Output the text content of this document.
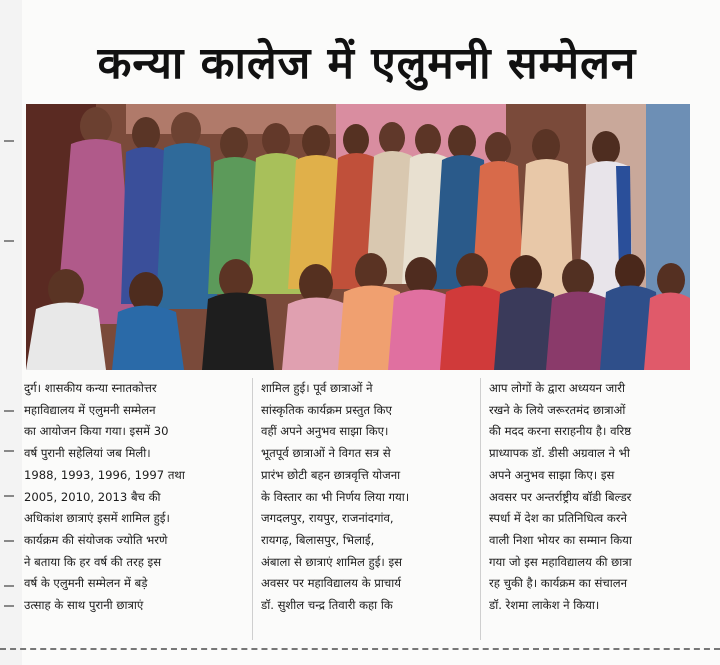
कन्या कालेज में एलुमनी सम्मेलन
दुर्ग। शासकीय कन्या स्नातकोत्तर
महाविद्यालय में एलुमनी सम्मेलन
का आयोजन किया गया। इसमें 30
वर्ष पुरानी सहेलियां जब मिली।
1988, 1993, 1996, 1997 तथा
2005, 2010, 2013 बैच की
अधिकांश छात्राएं इसमें शामिल हुई।
कार्यक्रम की संयोजक ज्योति भरणे
ने बताया कि हर वर्ष की तरह इस
वर्ष के एलुमनी सम्मेलन में बड़े
उत्साह के साथ पुरानी छात्राएं
शामिल हुई। पूर्व छात्राओं ने
सांस्कृतिक कार्यक्रम प्रस्तुत किए
वहीं अपने अनुभव साझा किए।
भूतपूर्व छात्राओं ने विगत सत्र से
प्रारंभ छोटी बहन छात्रवृत्ति योजना
के विस्तार का भी निर्णय लिया गया।
जगदलपुर, रायपुर, राजनांदगांव,
रायगढ़, बिलासपुर, भिलाई,
अंबाला से छात्राएं शामिल हुई। इस
अवसर पर महाविद्यालय के प्राचार्य
डॉ. सुशील चन्द्र तिवारी कहा कि
आप लोगों के द्वारा अध्ययन जारी
रखने के लिये जरूरतमंद छात्राओं
की मदद करना सराहनीय है। वरिष्ठ
प्राध्यापक डॉ. डीसी अग्रवाल ने भी
अपने अनुभव साझा किए। इस
अवसर पर अन्तर्राष्ट्रीय बॉडी बिल्डर
स्पर्धा में देश का प्रतिनिधित्व करने
वाली निशा भोयर का सम्मान किया
गया जो इस महाविद्यालय की छात्रा
रह चुकी है। कार्यक्रम का संचालन
डॉ. रेशमा लाकेश ने किया।
